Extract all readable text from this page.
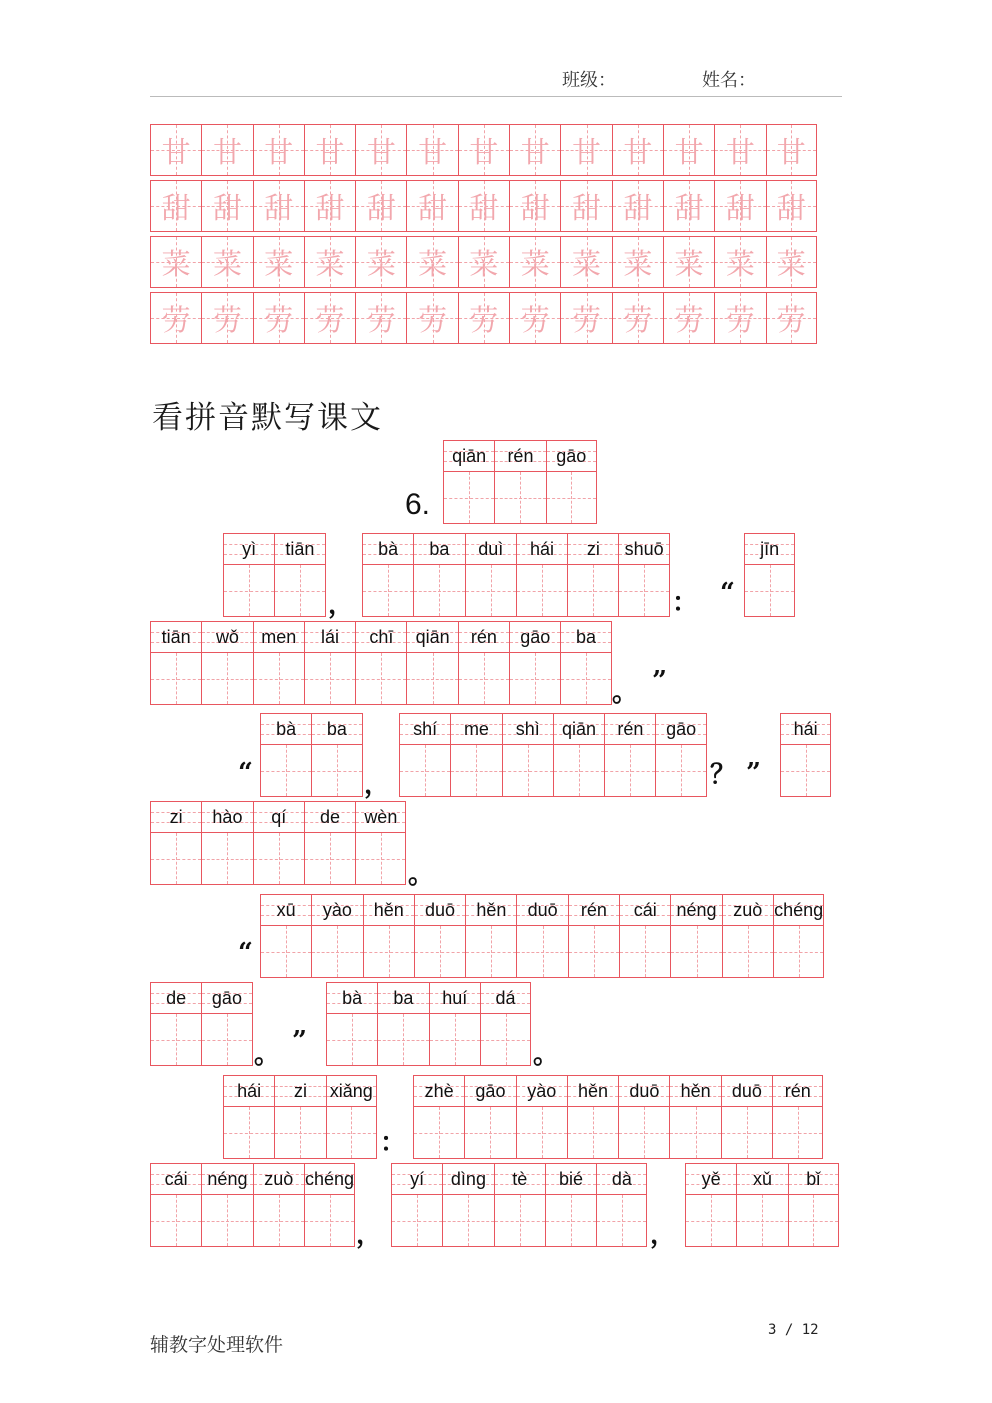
班级：	姓名：
甘 甘 甘 甘 甘 甘 甘 甘 甘 甘 甘 甘 甘
甜 甜 甜 甜 甜 甜 甜 甜 甜 甜 甜 甜 甜
菜 菜 菜 菜 菜 菜 菜 菜 菜 菜 菜 菜 菜
劳 劳 劳 劳 劳 劳 劳 劳 劳 劳 劳 劳 劳
看拼音默写课文
6.
qiān rén gāo
yì tiān	bà ba duì hái zi shuō	jīn
tiān wǒ men lái chī qiān rén gāo ba
bà ba	shí me shì qiān rén gāo	hái
zi hào qí de wèn
xū yào hěn duō hěn duō rén cái néng zuò chéng
de gāo	bà ba huí dá
hái zi xiǎng	zhè gāo yào hěn duō hěn duō rén
cái néng zuò chéng	yí dìng tè bié dà	yě xǔ bǐ
，	： “
。 ”
“	，	？ ”
。
“
。 ”	。
：
，	，
辅教字处理软件
3 / 12
